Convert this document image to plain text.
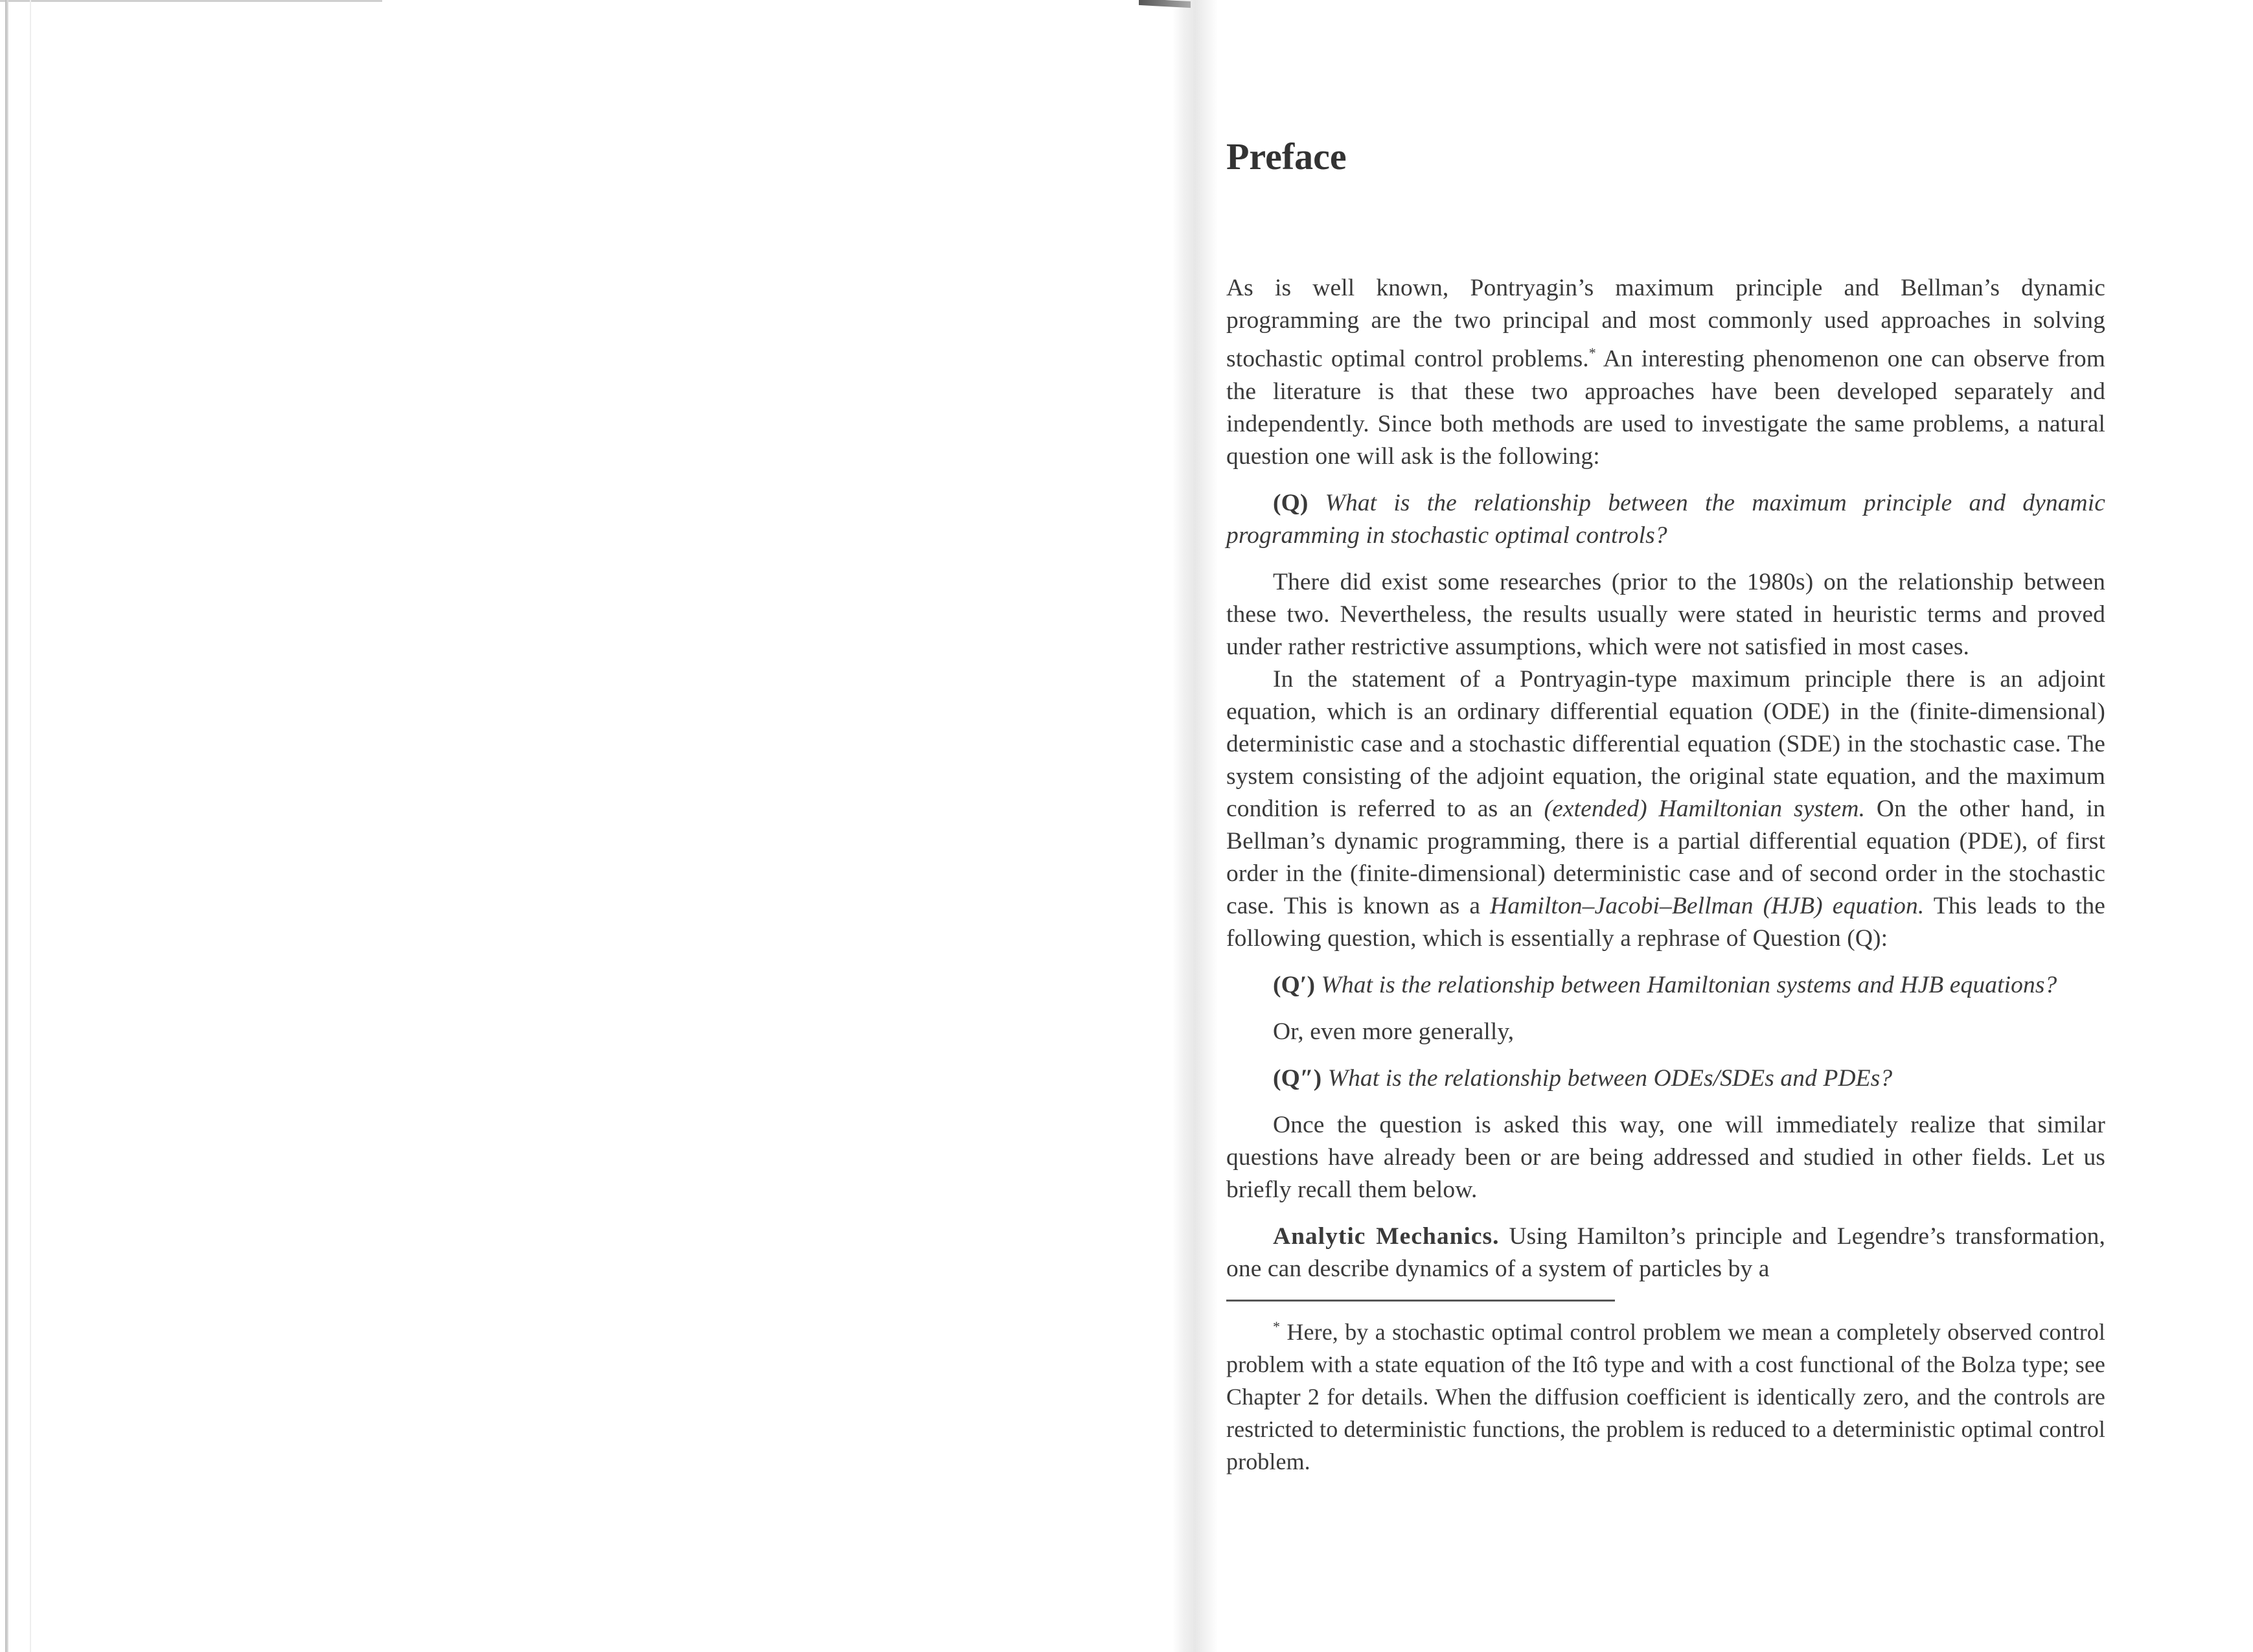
Preface

As is well known, Pontryagin’s maximum principle and Bellman’s dynamic programming are the two principal and most commonly used approaches in solving stochastic optimal control problems.* An interesting phenomenon one can observe from the literature is that these two approaches have been developed separately and independently. Since both methods are used to investigate the same problems, a natural question one will ask is the following:

(Q) What is the relationship between the maximum principle and dynamic programming in stochastic optimal controls?

There did exist some researches (prior to the 1980s) on the relationship between these two. Nevertheless, the results usually were stated in heuristic terms and proved under rather restrictive assumptions, which were not satisfied in most cases.

In the statement of a Pontryagin-type maximum principle there is an adjoint equation, which is an ordinary differential equation (ODE) in the (finite-dimensional) deterministic case and a stochastic differential equation (SDE) in the stochastic case. The system consisting of the adjoint equation, the original state equation, and the maximum condition is referred to as an (extended) Hamiltonian system. On the other hand, in Bellman’s dynamic programming, there is a partial differential equation (PDE), of first order in the (finite-dimensional) deterministic case and of second order in the stochastic case. This is known as a Hamilton–Jacobi–Bellman (HJB) equation. This leads to the following question, which is essentially a rephrase of Question (Q):

(Q′) What is the relationship between Hamiltonian systems and HJB equations?

Or, even more generally,

(Q″) What is the relationship between ODEs/SDEs and PDEs?

Once the question is asked this way, one will immediately realize that similar questions have already been or are being addressed and studied in other fields. Let us briefly recall them below.

Analytic Mechanics. Using Hamilton’s principle and Legendre’s transformation, one can describe dynamics of a system of particles by a

* Here, by a stochastic optimal control problem we mean a completely observed control problem with a state equation of the Itô type and with a cost functional of the Bolza type; see Chapter 2 for details. When the diffusion coefficient is identically zero, and the controls are restricted to deterministic functions, the problem is reduced to a deterministic optimal control problem.
